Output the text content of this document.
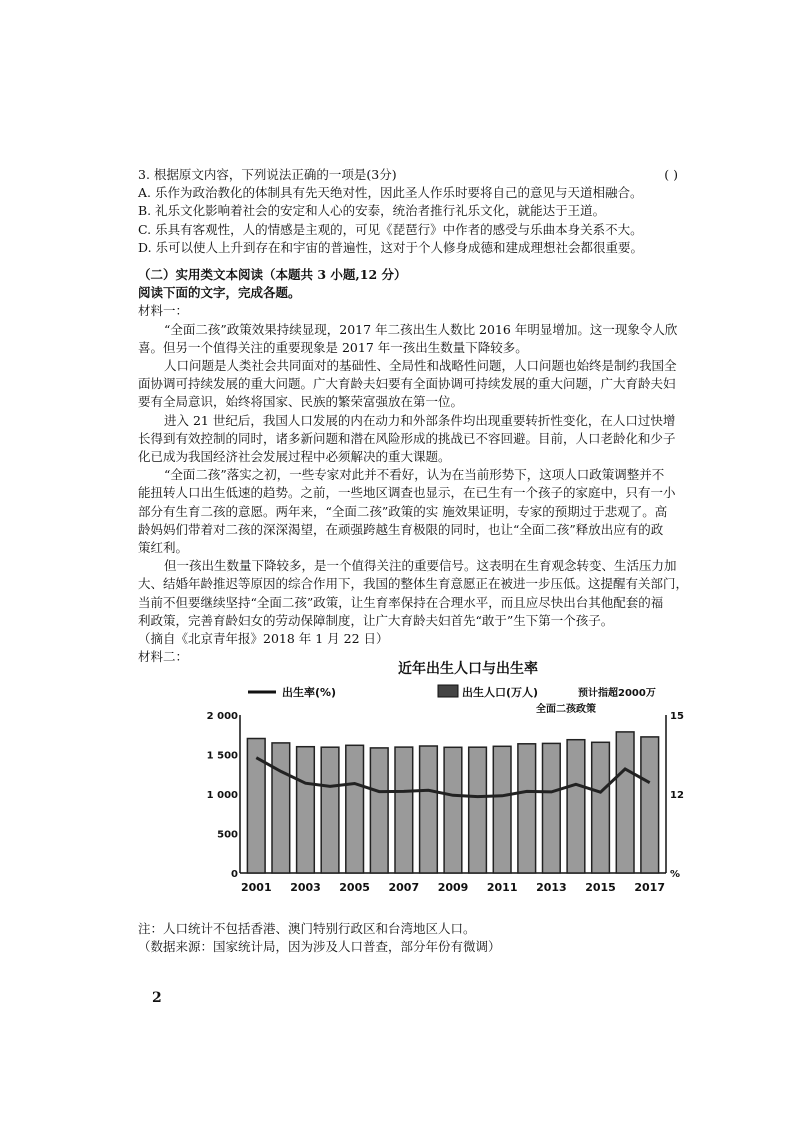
3. 根据原文内容，下列说法正确的一项是(3分)	( )
A. 乐作为政治教化的体制具有先天绝对性，因此圣人作乐时要将自己的意见与天道相融合。
B. 礼乐文化影响着社会的安定和人心的安泰，统治者推行礼乐文化，就能达于王道。
C. 乐具有客观性，人的情感是主观的，可见《琵琶行》中作者的感受与乐曲本身关系不大。
D. 乐可以使人上升到存在和宇宙的普遍性，这对于个人修身成德和建成理想社会都很重要。
（二）实用类文本阅读（本题共 3 小题,12 分）
阅读下面的文字，完成各题。
材料一：
“全面二孩”政策效果持续显现，2017 年二孩出生人数比 2016 年明显增加。这一现象令人欣
喜。但另一个值得关注的重要现象是 2017 年一孩出生数量下降较多。
人口问题是人类社会共同面对的基础性、全局性和战略性问题，人口问题也始终是制约我国全
面协调可持续发展的重大问题。广大育龄夫妇要有全面协调可持续发展的重大问题，广大育龄夫妇
要有全局意识，始终将国家、民族的繁荣富强放在第一位。
进入 21 世纪后，我国人口发展的内在动力和外部条件均出现重要转折性变化，在人口过快增
长得到有效控制的同时，诸多新问题和潜在风险形成的挑战已不容回避。目前，人口老龄化和少子
化已成为我国经济社会发展过程中必须解决的重大课题。
“全面二孩”落实之初，一些专家对此并不看好，认为在当前形势下，这项人口政策调整并不
能扭转人口出生低速的趋势。之前，一些地区调查也显示，在已生有一个孩子的家庭中，只有一小
部分有生育二孩的意愿。两年来，“全面二孩”政策的实 施效果证明，专家的预期过于悲观了。高
龄妈妈们带着对二孩的深深渴望，在顽强跨越生育极限的同时，也让“全面二孩”释放出应有的政
策红利。
但一孩出生数量下降较多，是一个值得关注的重要信号。这表明在生育观念转变、生活压力加
大、结婚年龄推迟等原因的综合作用下，我国的整体生育意愿正在被进一步压低。这提醒有关部门，
当前不但要继续坚持“全面二孩”政策，让生育率保持在合理水平，而且应尽快出台其他配套的福
利政策，完善育龄妇女的劳动保障制度，让广大育龄夫妇首先“敢于”生下第一个孩子。
（摘自《北京青年报》2018 年 1 月 22 日）
材料二：
近年出生人口与出生率
出生率(%)	出生人口(万人)	预计指超2000万
全面二孩政策
2 000
1 500
1 000
500
0
15
12
%
2001 2003 2005 2007 2009 2011 2013 2015 2017
注：人口统计不包括香港、澳门特别行政区和台湾地区人口。
（数据来源：国家统计局，因为涉及人口普查，部分年份有微调）
2
